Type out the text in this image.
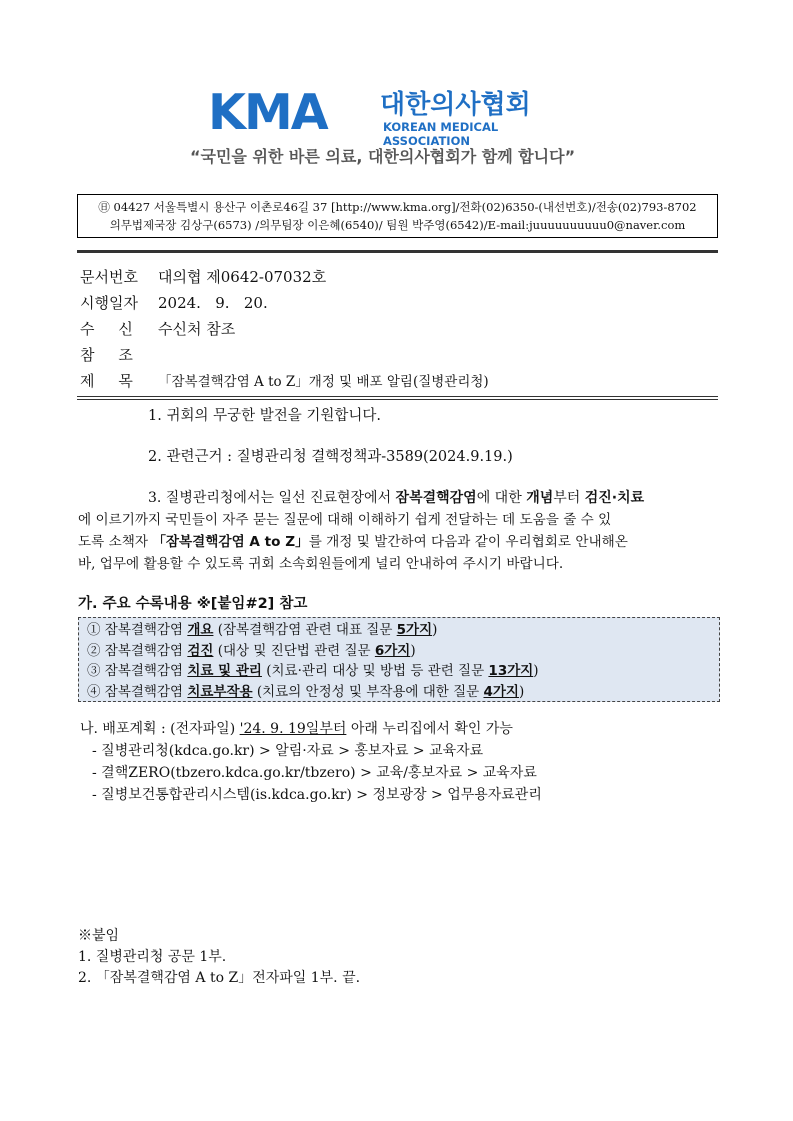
KMA 대한의사협회
KOREAN MEDICAL ASSOCIATION
“국민을 위한 바른 의료, 대한의사협회가 함께 합니다”
㊐ 04427 서울특별시 용산구 이촌로46길 37 [http://www.kma.org]/전화(02)6350-(내선번호)/전송(02)793-8702
의무법제국장 김상구(6573) /의무팀장 이은혜(6540)/ 팀원 박주영(6542)/E-mail:juuuuuuuuuu0@naver.com
문서번호 대의협 제0642-07032호
시행일자 2024.   9.   20.
수     신 수신처 참조
참     조
제     목 「잠복결핵감염 A to Z」개정 및 배포 알림(질병관리청)
1. 귀회의 무궁한 발전을 기원합니다.
2. 관련근거 : 질병관리청 결핵정책과-3589(2024.9.19.)
3. 질병관리청에서는 일선 진료현장에서 잠복결핵감염에 대한 개념부터 검진·치료
에 이르기까지 국민들이 자주 묻는 질문에 대해 이해하기 쉽게 전달하는 데 도움을 줄 수 있
도록 소책자 「잠복결핵감염 A to Z」를 개정 및 발간하여 다음과 같이 우리협회로 안내해온
바, 업무에 활용할 수 있도록 귀회 소속회원들에게 널리 안내하여 주시기 바랍니다.
가. 주요 수록내용 ※[붙임#2] 참고
① 잠복결핵감염 개요 (잠복결핵감염 관련 대표 질문 5가지)
② 잠복결핵감염 검진 (대상 및 진단법 관련 질문 6가지)
③ 잠복결핵감염 치료 및 관리 (치료·관리 대상 및 방법 등 관련 질문 13가지)
④ 잠복결핵감염 치료부작용 (치료의 안정성 및 부작용에 대한 질문 4가지)
나. 배포계획 : (전자파일) '24. 9. 19일부터 아래 누리집에서 확인 가능
- 질병관리청(kdca.go.kr) > 알림·자료 > 홍보자료 > 교육자료
- 결핵ZERO(tbzero.kdca.go.kr/tbzero) > 교육/홍보자료 > 교육자료
- 질병보건통합관리시스템(is.kdca.go.kr) > 정보광장 > 업무용자료관리
※붙임
1. 질병관리청 공문 1부.
2. 「잠복결핵감염 A to Z」전자파일 1부. 끝.
